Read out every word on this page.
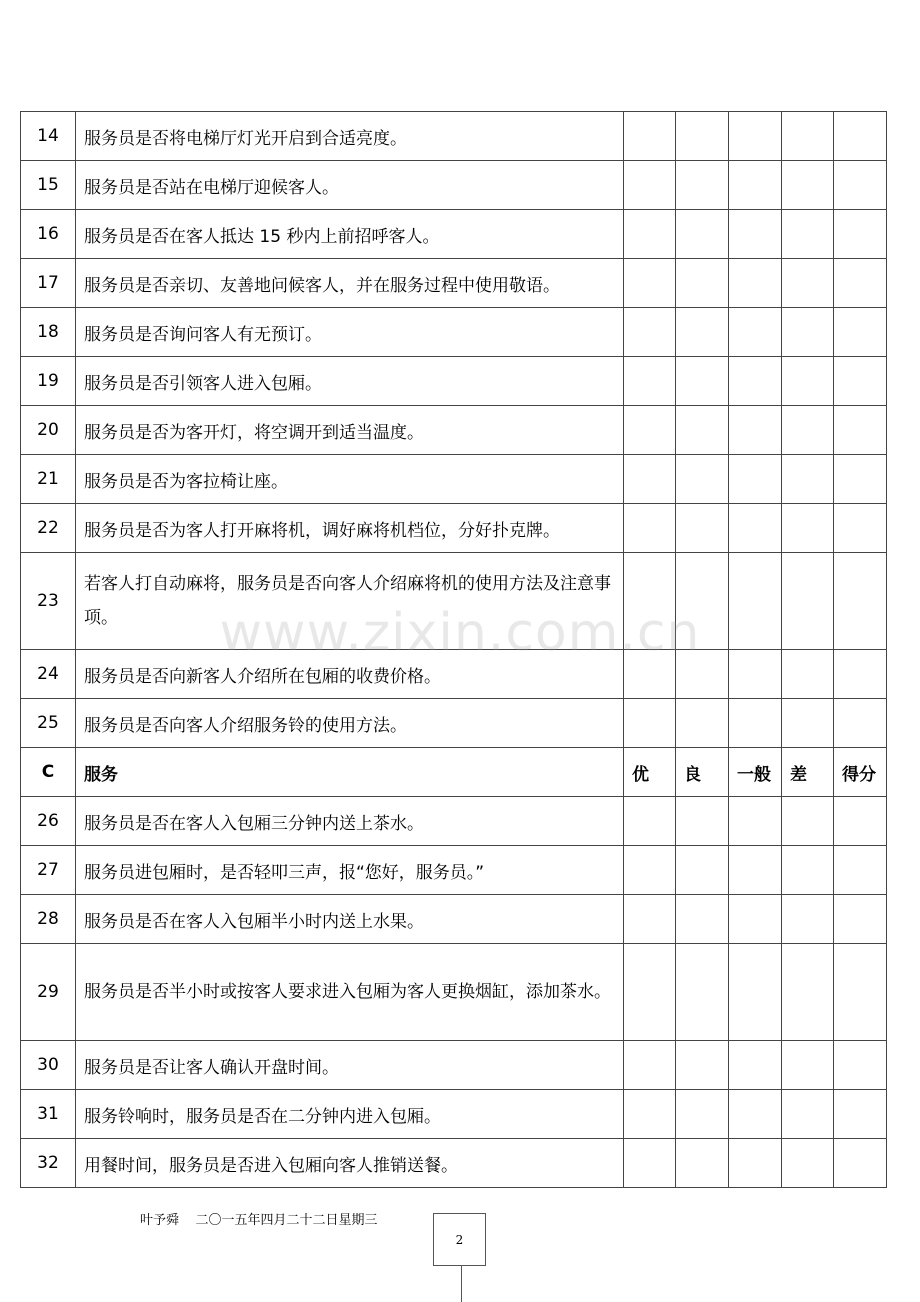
14	服务员是否将电梯厅灯光开启到合适亮度。					
15	服务员是否站在电梯厅迎候客人。					
16	服务员是否在客人抵达 15 秒内上前招呼客人。					
17	服务员是否亲切、友善地问候客人，并在服务过程中使用敬语。					
18	服务员是否询问客人有无预订。					
19	服务员是否引领客人进入包厢。					
20	服务员是否为客开灯，将空调开到适当温度。					
21	服务员是否为客拉椅让座。					
22	服务员是否为客人打开麻将机，调好麻将机档位，分好扑克牌。					
23	若客人打自动麻将，服务员是否向客人介绍麻将机的使用方法及注意事项。					
24	服务员是否向新客人介绍所在包厢的收费价格。					
25	服务员是否向客人介绍服务铃的使用方法。					
C	服务	优	良	一般	差	得分
26	服务员是否在客人入包厢三分钟内送上茶水。					
27	服务员进包厢时，是否轻叩三声，报“您好，服务员。”					
28	服务员是否在客人入包厢半小时内送上水果。					
29	服务员是否半小时或按客人要求进入包厢为客人更换烟缸，添加茶水。					
30	服务员是否让客人确认开盘时间。					
31	服务铃响时，服务员是否在二分钟内进入包厢。					
32	用餐时间，服务员是否进入包厢向客人推销送餐。					
www.zixin.com.cn
叶予舜    二〇一五年四月二十二日星期三
2
